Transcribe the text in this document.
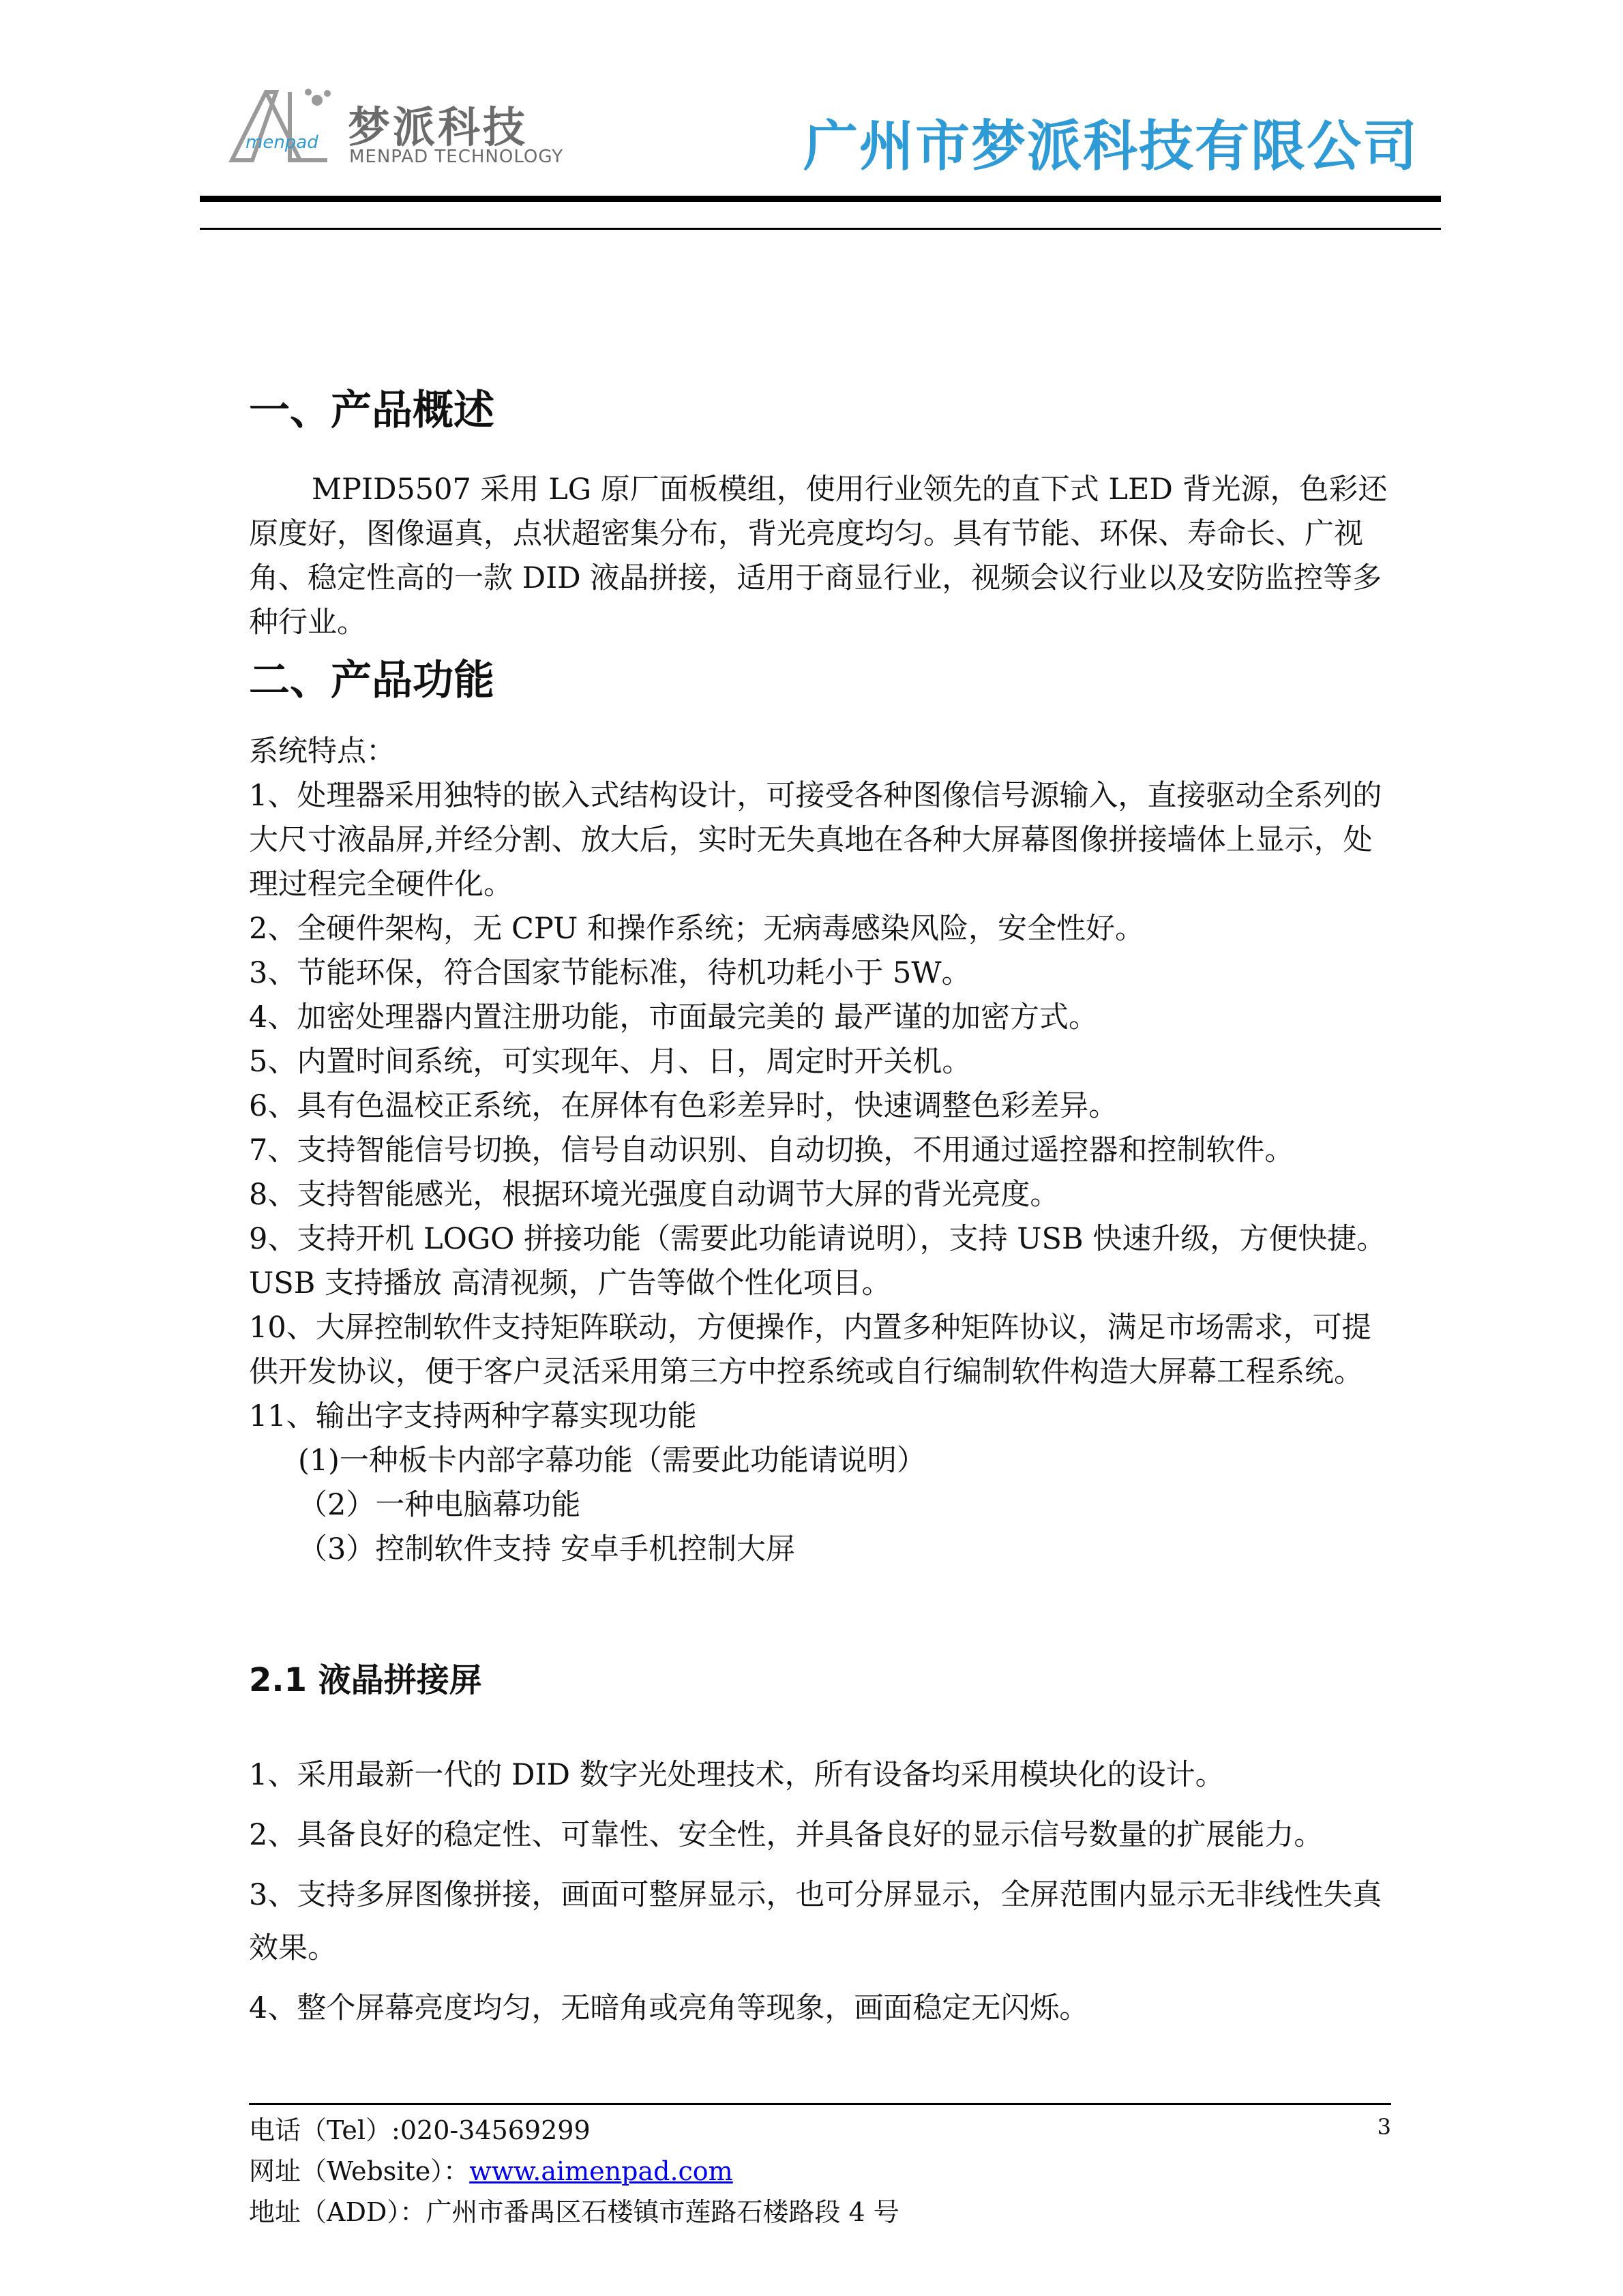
menpad 梦派科技
MENPAD TECHNOLOGY	广州市梦派科技有限公司
一、产品概述

MPID5507 采用 LG 原厂面板模组，使用行业领先的直下式 LED 背光源，色彩还原度好，图像逼真，点状超密集分布，背光亮度均匀。具有节能、环保、寿命长、广视角、稳定性高的一款 DID 液晶拼接，适用于商显行业，视频会议行业以及安防监控等多种行业。

二、产品功能

系统特点：

1、处理器采用独特的嵌入式结构设计，可接受各种图像信号源输入，直接驱动全系列的大尺寸液晶屏,并经分割、放大后，实时无失真地在各种大屏幕图像拼接墙体上显示，处理过程完全硬件化。

2、全硬件架构，无 CPU 和操作系统；无病毒感染风险，安全性好。

3、节能环保，符合国家节能标准，待机功耗小于 5W。

4、加密处理器内置注册功能，市面最完美的 最严谨的加密方式。

5、内置时间系统，可实现年、月、日，周定时开关机。

6、具有色温校正系统，在屏体有色彩差异时，快速调整色彩差异。

7、支持智能信号切换，信号自动识别、自动切换，不用通过遥控器和控制软件。

8、支持智能感光，根据环境光强度自动调节大屏的背光亮度。

9、支持开机 LOGO 拼接功能（需要此功能请说明），支持 USB 快速升级，方便快捷。USB 支持播放 高清视频，广告等做个性化项目。

10、大屏控制软件支持矩阵联动，方便操作，内置多种矩阵协议，满足市场需求，可提供开发协议，便于客户灵活采用第三方中控系统或自行编制软件构造大屏幕工程系统。

11、输出字支持两种字幕实现功能

(1)一种板卡内部字幕功能（需要此功能请说明）

（2）一种电脑幕功能

（3）控制软件支持 安卓手机控制大屏

2.1 液晶拼接屏

1、采用最新一代的 DID 数字光处理技术，所有设备均采用模块化的设计。

2、具备良好的稳定性、可靠性、安全性，并具备良好的显示信号数量的扩展能力。

3、支持多屏图像拼接，画面可整屏显示，也可分屏显示，全屏范围内显示无非线性失真效果。

4、整个屏幕亮度均匀，无暗角或亮角等现象，画面稳定无闪烁。

电话（Tel）:020-34569299
网址（Website）：www.aimenpad.com
地址（ADD）：广州市番禺区石楼镇市莲路石楼路段 4 号
3
